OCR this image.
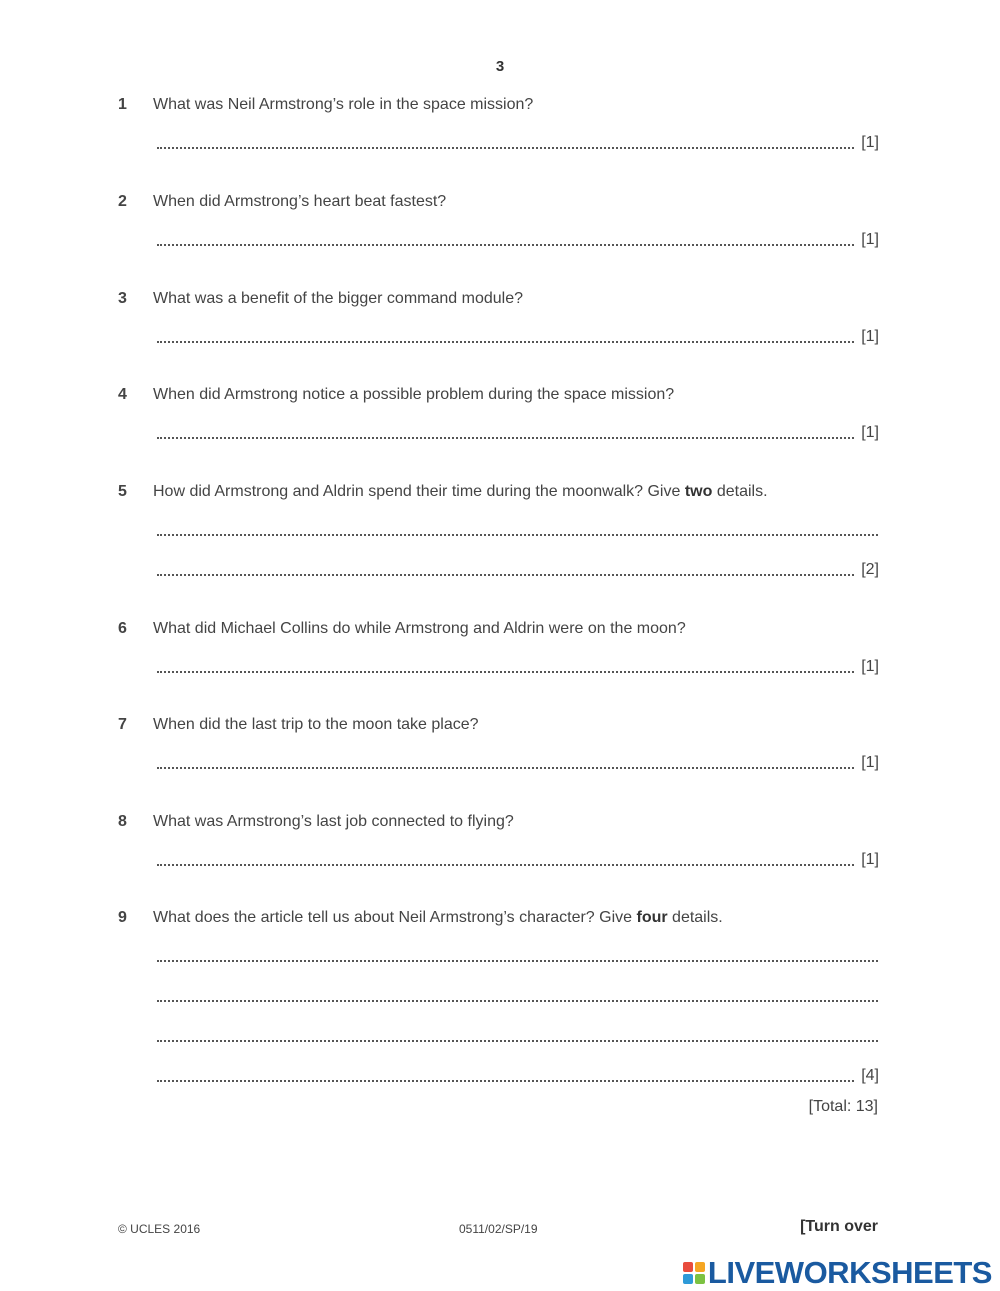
3
1 What was Neil Armstrong’s role in the space mission?
[1]
2 When did Armstrong’s heart beat fastest?
[1]
3 What was a benefit of the bigger command module?
[1]
4 When did Armstrong notice a possible problem during the space mission?
[1]
5 How did Armstrong and Aldrin spend their time during the moonwalk? Give two details.
[2]
6 What did Michael Collins do while Armstrong and Aldrin were on the moon?
[1]
7 When did the last trip to the moon take place?
[1]
8 What was Armstrong’s last job connected to flying?
[1]
9 What does the article tell us about Neil Armstrong’s character? Give four details.
[4]
[Total: 13]
© UCLES 2016	0511/02/SP/19	[Turn over
LIVEWORKSHEETS
